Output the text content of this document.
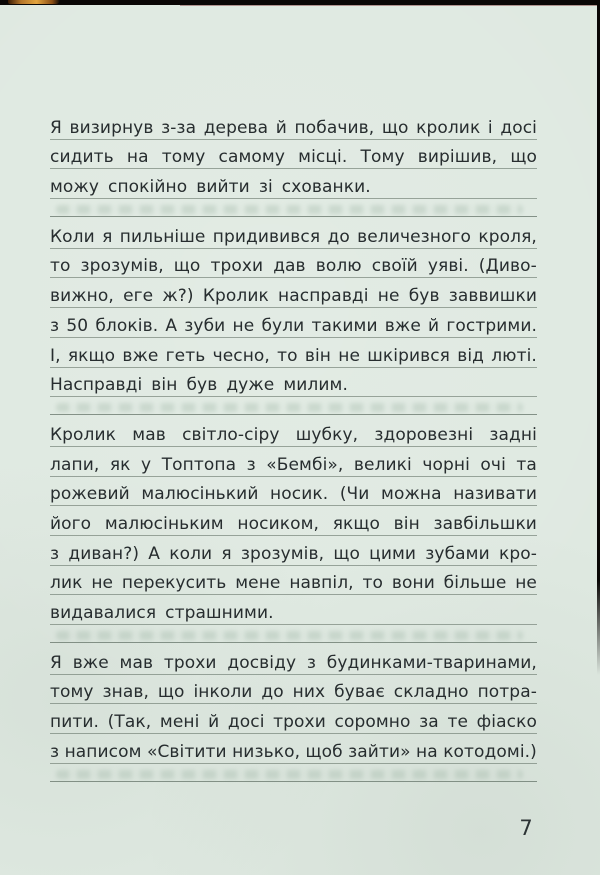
Я визирнув з-за дерева й побачив, що кролик і досі
сидить на тому самому місці. Тому вирішив, що
можу спокійно вийти зі схованки.
Коли я пильніше придивився до величезного кроля,
то зрозумів, що трохи дав волю своїй уяві. (Диво-
вижно, еге ж?) Кролик насправді не був заввишки
з 50 блоків. А зуби не були такими вже й гострими.
І, якщо вже геть чесно, то він не шкірився від люті.
Насправді він був дуже милим.
Кролик мав світло-сіру шубку, здоровезні задні
лапи, як у Топтопа з «Бембі», великі чорні очі та
рожевий малюсінький носик. (Чи можна називати
його малюсіньким носиком, якщо він завбільшки
з диван?) А коли я зрозумів, що цими зубами кро-
лик не перекусить мене навпіл, то вони більше не
видавалися страшними.
Я вже мав трохи досвіду з будинками-тваринами,
тому знав, що інколи до них буває складно потра-
пити. (Так, мені й досі трохи соромно за те фіаско
з написом «Світити низько, щоб зайти» на котодомі.)
7
